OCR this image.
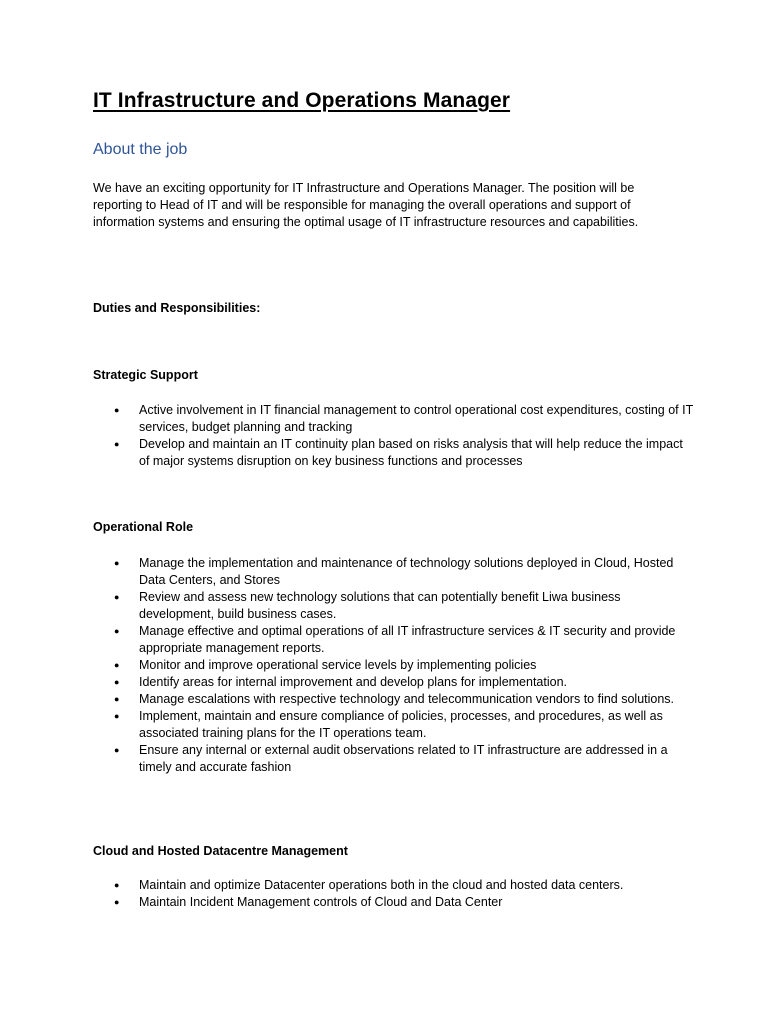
IT Infrastructure and Operations Manager
About the job

We have an exciting opportunity for IT Infrastructure and Operations Manager. The position will be reporting to Head of IT and will be responsible for managing the overall operations and support of information systems and ensuring the optimal usage of IT infrastructure resources and capabilities.

Duties and Responsibilities:
Strategic Support
● Active involvement in IT financial management to control operational cost expenditures, costing of IT services, budget planning and tracking
● Develop and maintain an IT continuity plan based on risks analysis that will help reduce the impact of major systems disruption on key business functions and processes
Operational Role
● Manage the implementation and maintenance of technology solutions deployed in Cloud, Hosted Data Centers, and Stores
● Review and assess new technology solutions that can potentially benefit Liwa business development, build business cases.
● Manage effective and optimal operations of all IT infrastructure services & IT security and provide appropriate management reports.
● Monitor and improve operational service levels by implementing policies
● Identify areas for internal improvement and develop plans for implementation.
● Manage escalations with respective technology and telecommunication vendors to find solutions.
● Implement, maintain and ensure compliance of policies, processes, and procedures, as well as associated training plans for the IT operations team.
● Ensure any internal or external audit observations related to IT infrastructure are addressed in a timely and accurate fashion
Cloud and Hosted Datacentre Management
● Maintain and optimize Datacenter operations both in the cloud and hosted data centers.
● Maintain Incident Management controls of Cloud and Data Center
